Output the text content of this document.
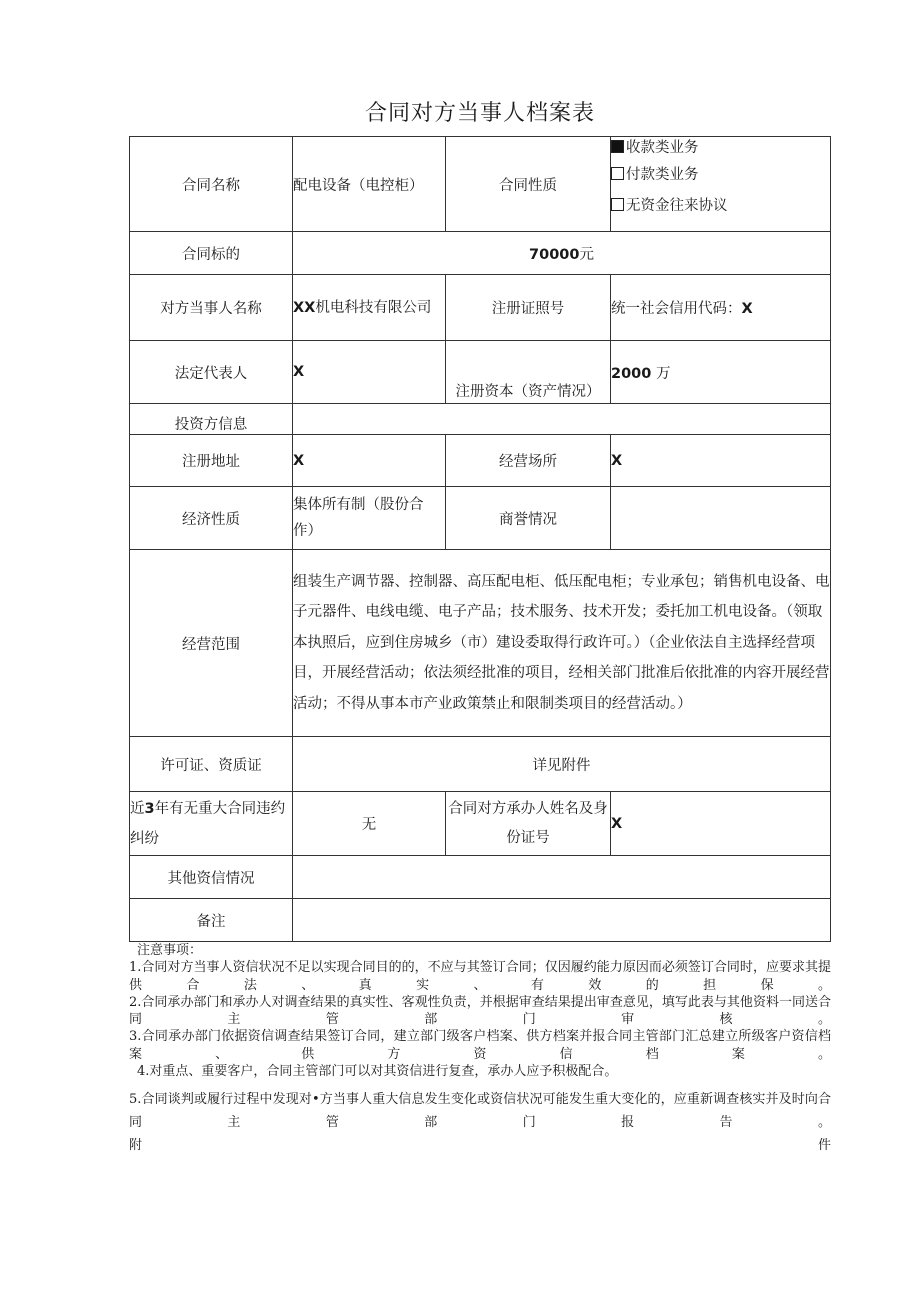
合同对方当事人档案表
合同名称	配电设备（电控柜）	合同性质	收款类业务
付款类业务
无资金往来协议

合同标的	70000元		
对方当事人名称	XX机电科技有限公司	注册证照号	统一社会信用代码：X
法定代表人	X	注册资本（资产情况）	2000 万
投资方信息			
注册地址	X	经营场所	X
经济性质	集体所有制（股份合作）	商誉情况	
经营范围	组装生产调节器、控制器、高压配电柜、低压配电柜；专业承包；销售机电设备、电子元器件、电线电缆、电子产品；技术服务、技术开发；委托加工机电设备。（领取本执照后，应到住房城乡（市）建设委取得行政许可。）（企业依法自主选择经营项目，开展经营活动；依法须经批准的项目，经相关部门批准后依批准的内容开展经营活动；不得从事本市产业政策禁止和限制类项目的经营活动。）		
许可证、资质证	详见附件		
近3年有无重大合同违约纠纷	无	合同对方承办人姓名及身份证号	X
其他资信情况			
备注			

注意事项：

1.合同对方当事人资信状况不足以实现合同目的的，不应与其签订合同；仅因履约能力原因而必须签订合同时，应要求其提供合法、真实、有效的担保。

2.合同承办部门和承办人对调查结果的真实性、客观性负责，并根据审查结果提出审查意见，填写此表与其他资料一同送合同主管部门审核。

3.合同承办部门依据资信调查结果签订合同，建立部门级客户档案、供方档案并报合同主管部门汇总建立所级客户资信档案、供方资信档案。

4.对重点、重要客户，合同主管部门可以对其资信进行复查，承办人应予积极配合。

5.合同谈判或履行过程中发现对•方当事人重大信息发生变化或资信状况可能发生重大变化的，应重新调查核实并及时向合同主管部门报告。

附件
